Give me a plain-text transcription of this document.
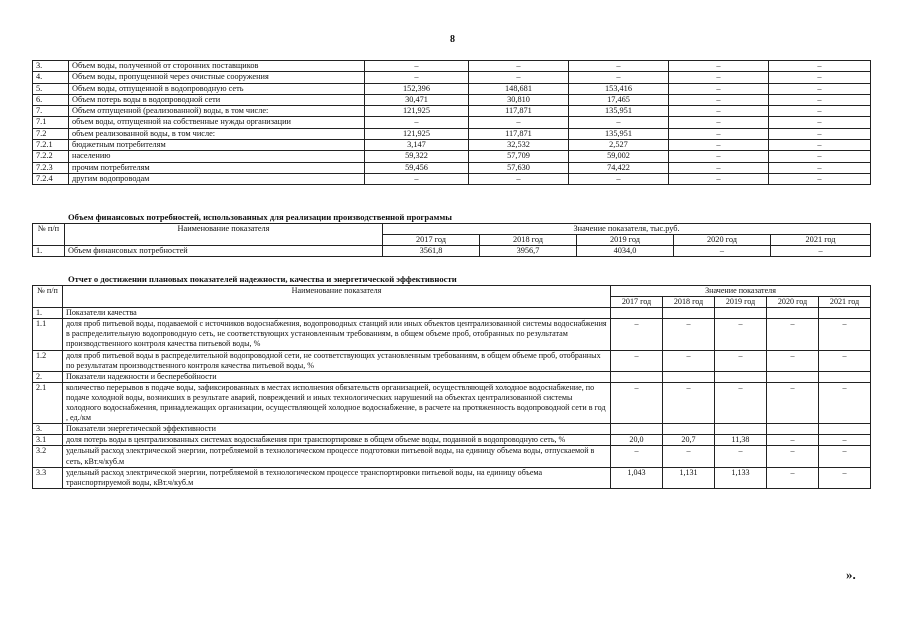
8
3.	Объем воды, полученной от сторонних поставщиков	–	–	–	–	–
4.	Объем воды, пропущенной через очистные сооружения	–	–	–	–	–
5.	Объем воды, отпущенной в водопроводную сеть	152,396	148,681	153,416	–	–
6.	Объем потерь воды в водопроводной сети	30,471	30,810	17,465	–	–
7.	Объем отпущенной (реализованной) воды, в том числе:	121,925	117,871	135,951	–	–
7.1	объем воды, отпущенной на собственные нужды организации	–	–	–	–	–
7.2	объем реализованной воды, в том числе:	121,925	117,871	135,951	–	–
7.2.1	бюджетным потребителям	3,147	32,532	2,527	–	–
7.2.2	населению	59,322	57,709	59,002	–	–
7.2.3	прочим потребителям	59,456	57,630	74,422	–	–
7.2.4	другим водопроводам	–	–	–	–	–
Объем финансовых потребностей, использованных для реализации производственной программы
№ п/п	Наименование показателя	Значение показателя, тыс.руб.				
		2017 год	2018 год	2019 год	2020 год	2021 год
1.	Объем финансовых потребностей	3561,8	3956,7	4034,0	–	–
Отчет о достижении плановых показателей надежности, качества и энергетической эффективности
№ п/п	Наименование показателя	Значение показателя				
		2017 год	2018 год	2019 год	2020 год	2021 год
1.	Показатели качества					
1.1	доля проб питьевой воды, подаваемой с источников водоснабжения, водопроводных станций или иных объектов централизованной системы водоснабжения в распределительную водопроводную сеть, не соответствующих установленным требованиям, в общем объеме проб, отобранных по результатам производственного контроля качества питьевой воды, %	–	–	–	–	–
1.2	доля проб питьевой воды в распределительной водопроводной сети, не соответствующих установленным требованиям, в общем объеме проб, отобранных по результатам производственного контроля качества питьевой воды, %	–	–	–	–	–
2.	Показатели надежности и бесперебойности					
2.1	количество перерывов в подаче воды, зафиксированных в местах исполнения обязательств организацией, осуществляющей холодное водоснабжение, по подаче холодной воды, возникших в результате аварий, повреждений и иных технологических нарушений на объектах централизованной системы холодного водоснабжения, принадлежащих организации, осуществляющей холодное водоснабжение, в расчете на протяженность водопроводной сети в год , ед./км	–	–	–	–	–
3.	Показатели энергетической эффективности					
3.1	доля потерь воды в централизованных системах водоснабжения при транспортировке в общем объеме воды, поданной в водопроводную сеть, %	20,0	20,7	11,38	–	–
3.2	удельный расход электрической энергии, потребляемой в технологическом процессе подготовки питьевой воды, на единицу объема воды, отпускаемой в сеть, кВт.ч/куб.м	–	–	–	–	–
3.3	удельный расход электрической энергии, потребляемой в технологическом процессе транспортировки питьевой воды, на единицу объема транспортируемой воды, кВт.ч/куб.м	1,043	1,131	1,133	–	–
».
